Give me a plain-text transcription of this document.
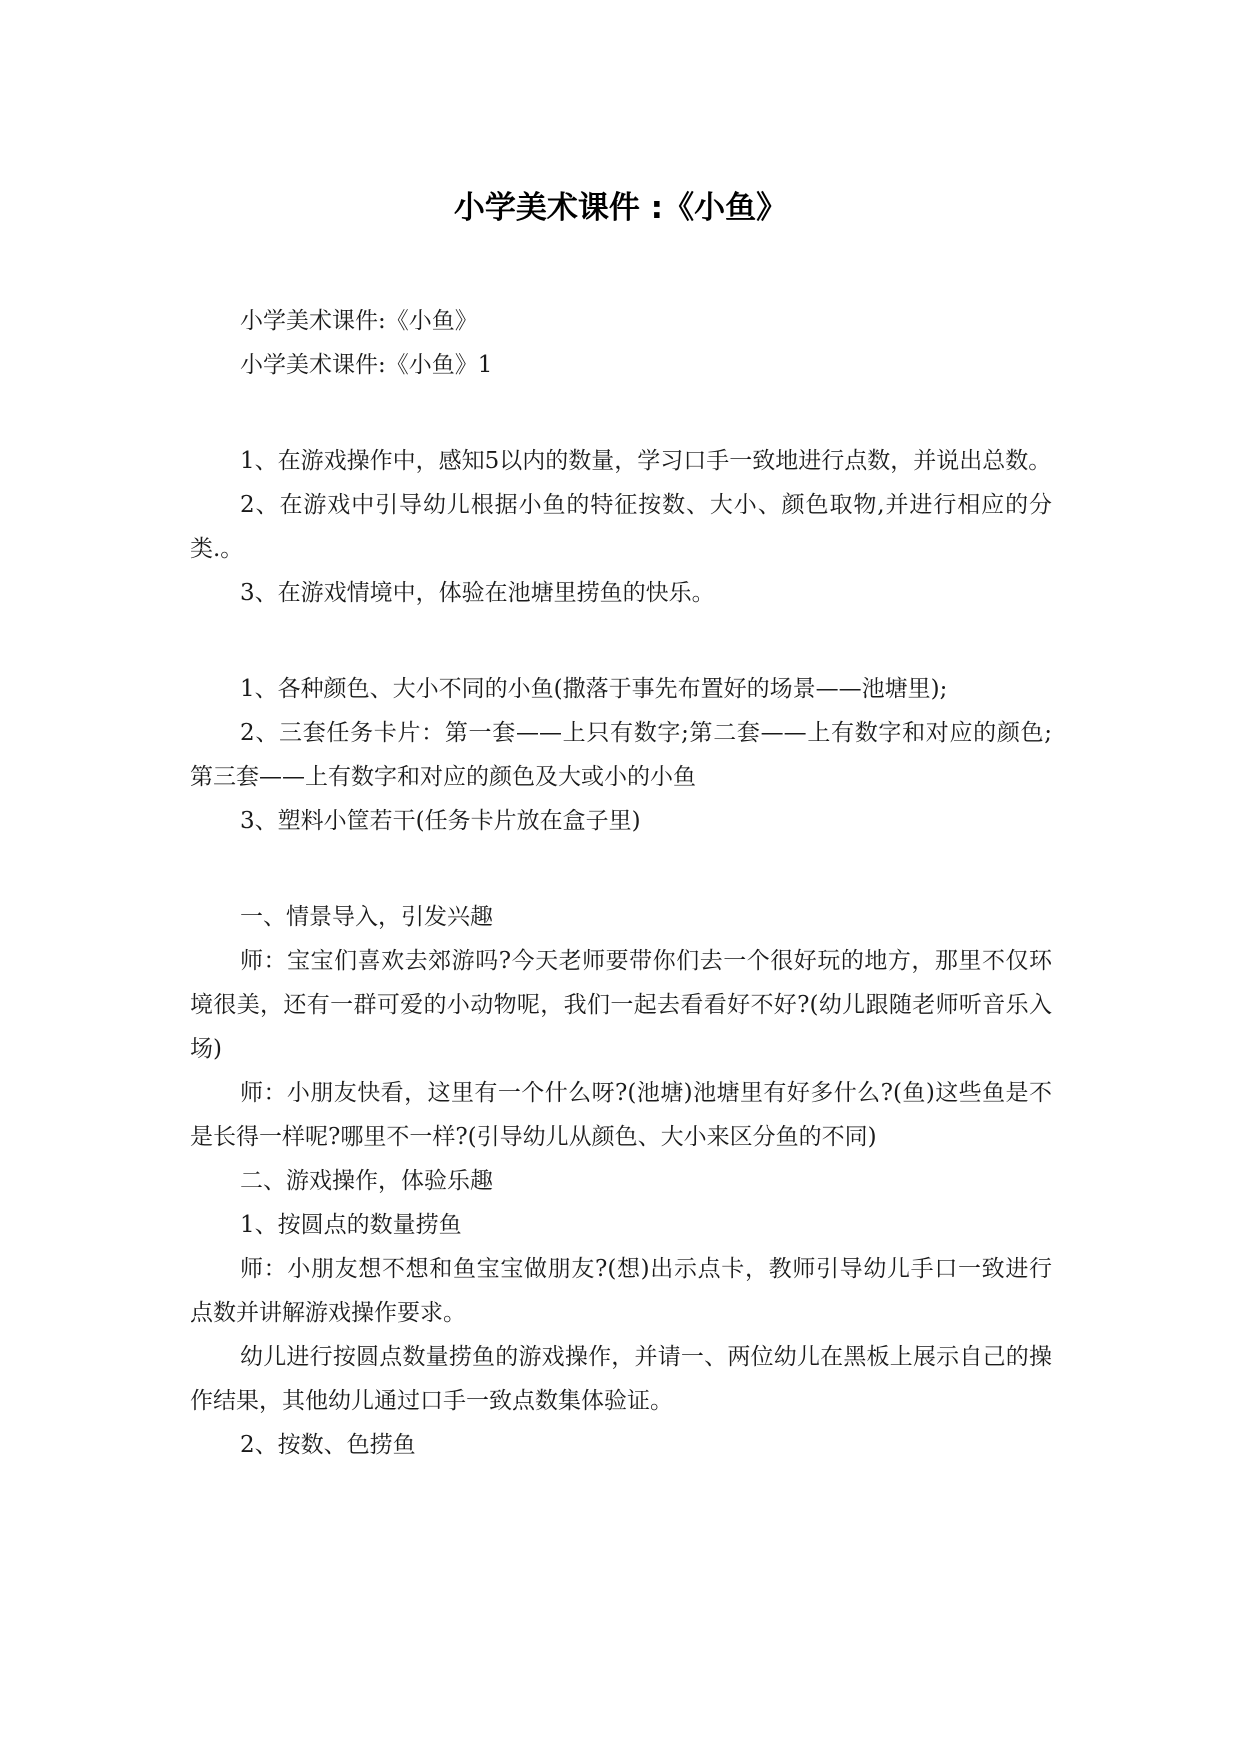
小学美术课件 :《小鱼》

小学美术课件:《小鱼》

小学美术课件:《小鱼》1

1、在游戏操作中，感知5以内的数量，学习口手一致地进行点数，并说出总数。

2、在游戏中引导幼儿根据小鱼的特征按数、大小、颜色取物,并进行相应的分类.。

3、在游戏情境中，体验在池塘里捞鱼的快乐。

1、各种颜色、大小不同的小鱼(撒落于事先布置好的场景——池塘里);

2、三套任务卡片：第一套——上只有数字;第二套——上有数字和对应的颜色;第三套——上有数字和对应的颜色及大或小的小鱼

3、塑料小筐若干(任务卡片放在盒子里)

一、情景导入，引发兴趣

师：宝宝们喜欢去郊游吗?今天老师要带你们去一个很好玩的地方，那里不仅环境很美，还有一群可爱的小动物呢，我们一起去看看好不好?(幼儿跟随老师听音乐入场)

师：小朋友快看，这里有一个什么呀?(池塘)池塘里有好多什么?(鱼)这些鱼是不是长得一样呢?哪里不一样?(引导幼儿从颜色、大小来区分鱼的不同)

二、游戏操作，体验乐趣

1、按圆点的数量捞鱼

师：小朋友想不想和鱼宝宝做朋友?(想)出示点卡，教师引导幼儿手口一致进行点数并讲解游戏操作要求。

幼儿进行按圆点数量捞鱼的游戏操作，并请一、两位幼儿在黑板上展示自己的操作结果，其他幼儿通过口手一致点数集体验证。

2、按数、色捞鱼
